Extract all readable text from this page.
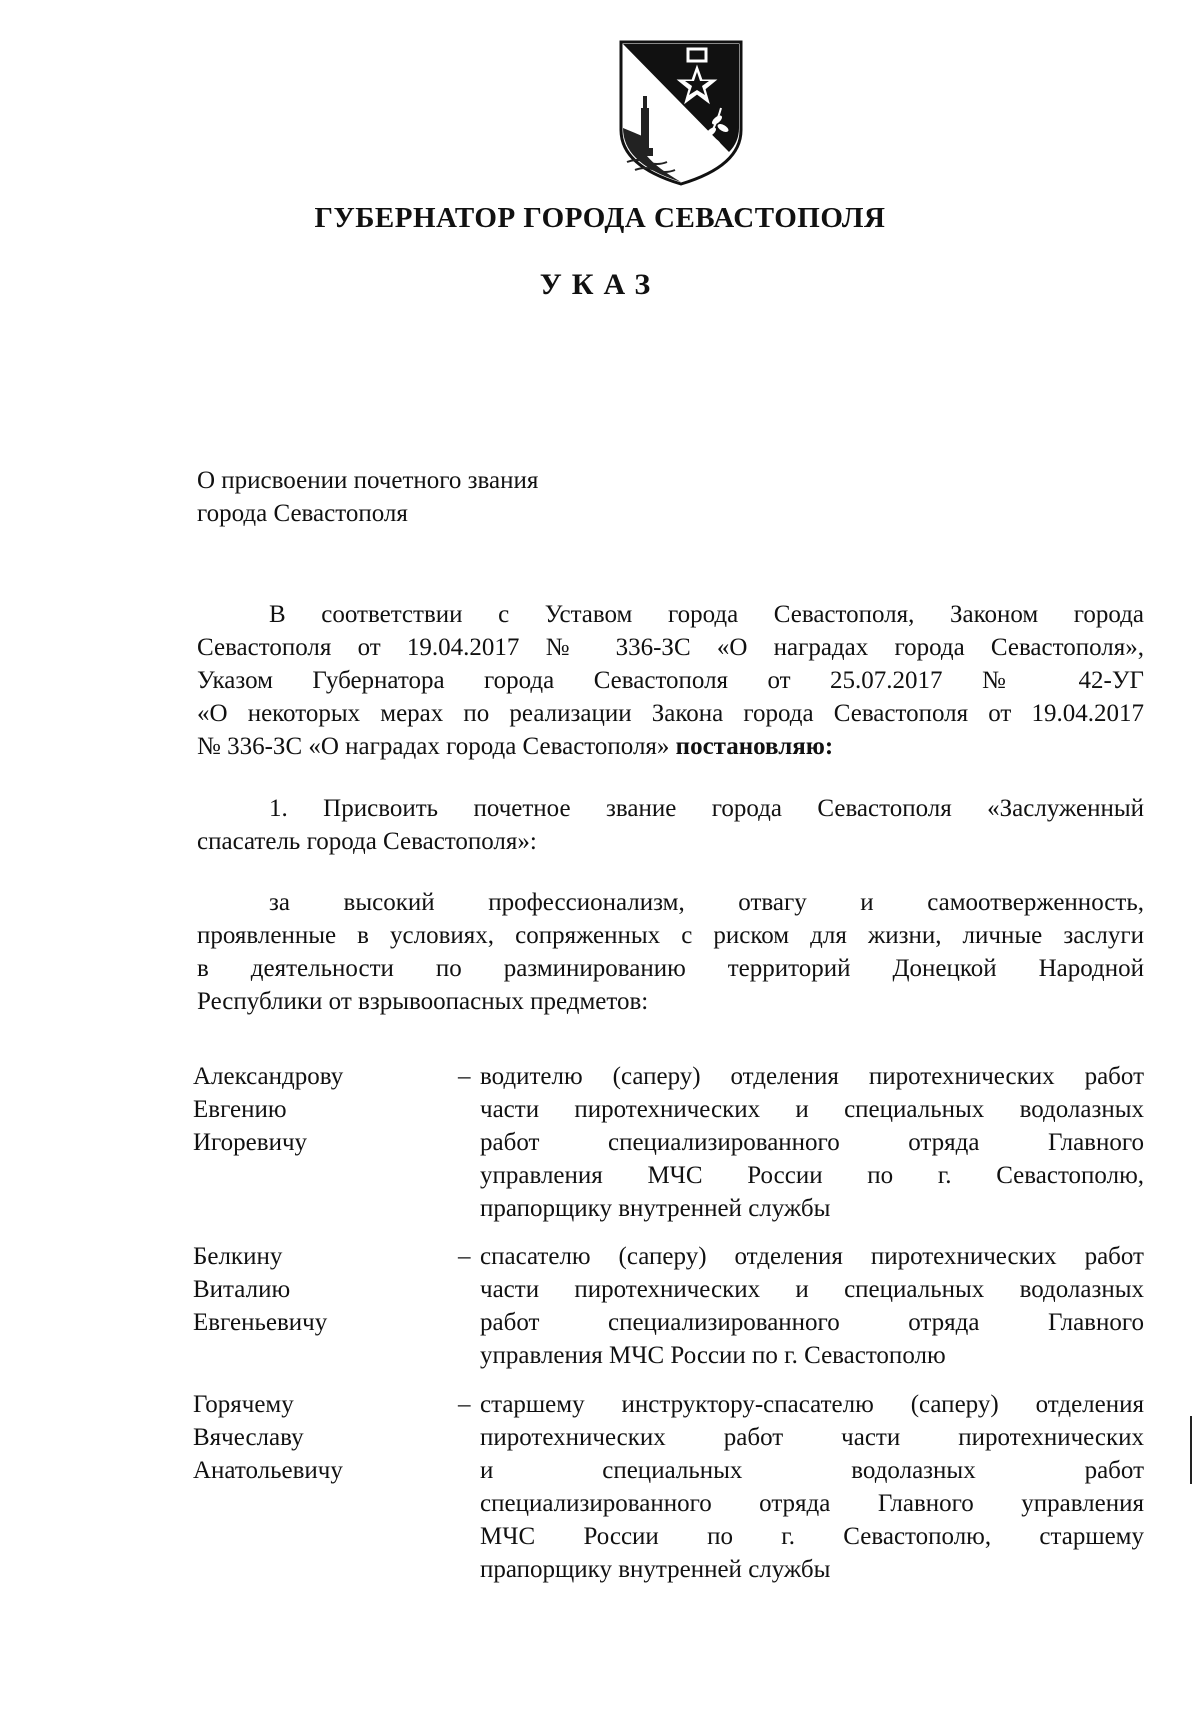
ГУБЕРНАТОР ГОРОДА СЕВАСТОПОЛЯ
УКАЗ
О присвоении почетного звания
города Севастополя
В соответствии с Уставом города Севастополя, Законом города
Севастополя от 19.04.2017 № 336-ЗС «О наградах города Севастополя»,
Указом Губернатора города Севастополя от 25.07.2017 № 42-УГ
«О некоторых мерах по реализации Закона города Севастополя от 19.04.2017
№ 336-ЗС «О наградах города Севастополя» постановляю:
1. Присвоить почетное звание города Севастополя «Заслуженный
спасатель города Севастополя»:
за высокий профессионализм, отвагу и самоотверженность,
проявленные в условиях, сопряженных с риском для жизни, личные заслуги
в деятельности по разминированию территорий Донецкой Народной
Республики от взрывоопасных предметов:
Александрову
Евгению
Игоревичу
– водителю (саперу) отделения пиротехнических работ
части пиротехнических и специальных водолазных
работ специализированного отряда Главного
управления МЧС России по г. Севастополю,
прапорщику внутренней службы
Белкину
Виталию
Евгеньевичу
– спасателю (саперу) отделения пиротехнических работ
части пиротехнических и специальных водолазных
работ специализированного отряда Главного
управления МЧС России по г. Севастополю
Горячему
Вячеславу
Анатольевичу
– старшему инструктору-спасателю (саперу) отделения
пиротехнических работ части пиротехнических
и специальных водолазных работ
специализированного отряда Главного управления
МЧС России по г. Севастополю, старшему
прапорщику внутренней службы
